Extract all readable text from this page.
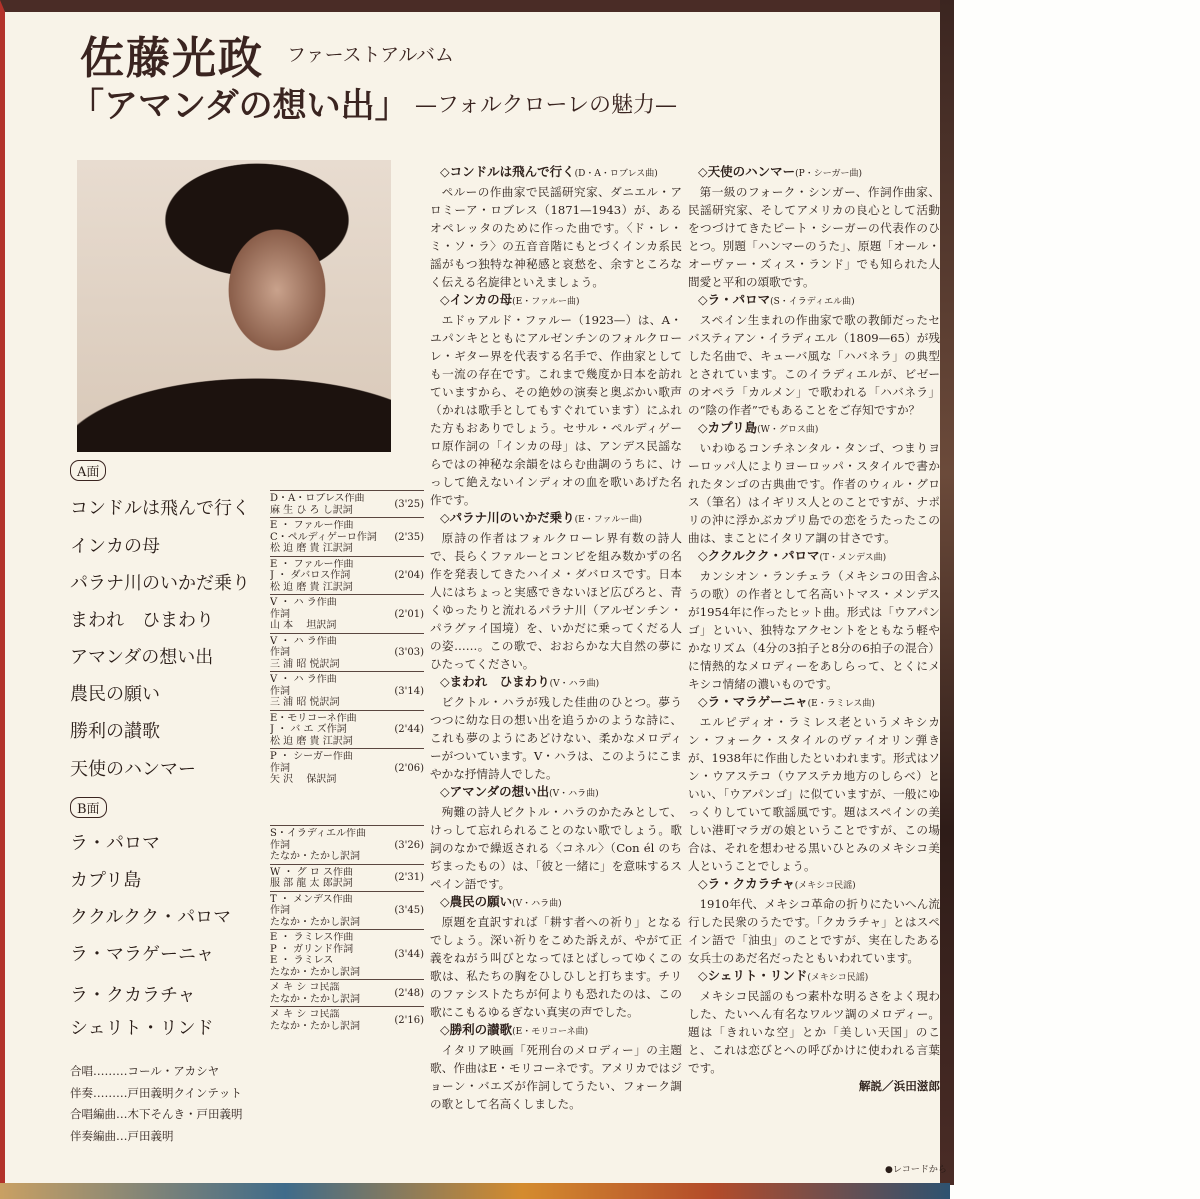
佐藤光政 ファーストアルバム
「アマンダの想い出」 —フォルクローレの魅力—
A面
D・A・ロブレス作曲
麻 生 ひ ろ し訳詞
(3'25)
E ・ ファルー作曲
C・ペルディゲーロ作詞
松 迫 磨 貴 江訳詞
(2'35)
E ・ ファルー作曲
J ・ ダバロス作詞
松 迫 磨 貴 江訳詞
(2'04)
V ・ ハ ラ作曲
作詞
山 本　 坦訳詞
(2'01)
V ・ ハ ラ作曲
作詞
三 浦 昭 悦訳詞
(3'03)
V ・ ハ ラ作曲
作詞
三 浦 昭 悦訳詞
(3'14)
E・モリコーネ作曲
J ・ バ エ ズ作詞
松 迫 磨 貴 江訳詞
(2'44)
P ・ シーガー作曲
作詞
矢 沢　 保訳詞
(2'06)
コンドルは飛んで行く
インカの母
パラナ川のいかだ乗り
まわれ　ひまわり
アマンダの想い出
農民の願い
勝利の讃歌
天使のハンマー
B面
S・イラディエル作曲
作詞
たなか・たかし訳詞
(3'26)
W ・ グ ロ ス作曲
服 部 龍 太 郎訳詞
(2'31)
T ・ メンデス作曲
作詞
たなか・たかし訳詞
(3'45)
E ・ ラミレス作曲
P ・ ガリンド作詞
E ・ ラミレス
たなか・たかし訳詞
(3'44)
メ キ シ コ民謡
たなか・たかし訳詞
(2'48)
メ キ シ コ民謡
たなか・たかし訳詞
(2'16)
ラ・パロマ
カプリ島
ククルクク・パロマ
ラ・マラゲーニャ
ラ・クカラチャ
シェリト・リンド
合唱………コール・アカシヤ
伴奏………戸田義明クインテット
合唱編曲…木下そんき・戸田義明
伴奏編曲…戸田義明
◇コンドルは飛んで行く(D・A・ロブレス曲)

ペルーの作曲家で民謡研究家、ダニエル・アロミーア・ロブレス（1871—1943）が、あるオペレッタのために作った曲です。〈ド・レ・ミ・ソ・ラ〉の五音音階にもとづくインカ系民謡がもつ独特な神秘感と哀愁を、余すところなく伝える名旋律といえましょう。

◇インカの母(E・ファルー曲)

エドゥアルド・ファルー（1923—）は、A・ユパンキとともにアルゼンチンのフォルクローレ・ギター界を代表する名手で、作曲家としても一流の存在です。これまで幾度か日本を訪れていますから、その絶妙の演奏と奥ぶかい歌声（かれは歌手としてもすぐれています）にふれた方もおありでしょう。セサル・ペルディゲーロ原作詞の「インカの母」は、アンデス民謡ならではの神秘な余韻をはらむ曲調のうちに、けっして絶えないインディオの血を歌いあげた名作です。

◇パラナ川のいかだ乗り(E・ファルー曲)

原詩の作者はフォルクローレ界有数の詩人で、長らくファルーとコンビを組み数かずの名作を発表してきたハイメ・ダバロスです。日本人にはちょっと実感できないほど広びろと、青くゆったりと流れるパラナ川（アルゼンチン・パラグァイ国境）を、いかだに乗ってくだる人の姿……。この歌で、おおらかな大自然の夢にひたってください。

◇まわれ　ひまわり(V・ハラ曲)

ビクトル・ハラが残した佳曲のひとつ。夢うつつに幼な日の想い出を追うかのような詩に、これも夢のようにあどけない、柔かなメロディーがついています。V・ハラは、このようにこまやかな抒情詩人でした。

◇アマンダの想い出(V・ハラ曲)

殉難の詩人ビクトル・ハラのかたみとして、けっして忘れられることのない歌でしょう。歌詞のなかで繰返される〈コネル〉（Con él のちぢまったもの）は、「彼と一緒に」を意味するスペイン語です。

◇農民の願い(V・ハラ曲)

原題を直訳すれば「耕す者への祈り」となるでしょう。深い祈りをこめた訴えが、やがて正義をねがう叫びとなってほとばしってゆくこの歌は、私たちの胸をひしひしと打ちます。チリのファシストたちが何よりも恐れたのは、この歌にこもるゆるぎない真実の声でした。

◇勝利の讃歌(E・モリコーネ曲)

イタリア映画「死刑台のメロディー」の主題歌、作曲はE・モリコーネです。アメリカではジョーン・バエズが作詞してうたい、フォーク調の歌として名高くしました。

◇天使のハンマー(P・シーガー曲)

第一級のフォーク・シンガー、作詞作曲家、民謡研究家、そしてアメリカの良心として活動をつづけてきたピート・シーガーの代表作のひとつ。別題「ハンマーのうた」、原題「オール・オーヴァー・ズィス・ランド」でも知られた人間愛と平和の頌歌です。

◇ラ・パロマ(S・イラディエル曲)

スペイン生まれの作曲家で歌の教師だったセバスティアン・イラディエル（1809—65）が残した名曲で、キューバ風な「ハバネラ」の典型とされています。このイラディエルが、ビゼーのオペラ「カルメン」で歌われる「ハバネラ」の“陰の作者”でもあることをご存知ですか？

◇カプリ島(W・グロス曲)

いわゆるコンチネンタル・タンゴ、つまりヨーロッパ人によりヨーロッパ・スタイルで書かれたタンゴの古典曲です。作者のウィル・グロス（筆名）はイギリス人とのことですが、ナポリの沖に浮かぶカプリ島での恋をうたったこの曲は、まことにイタリア調の甘さです。

◇ククルクク・パロマ(T・メンデス曲)

カンシオン・ランチェラ（メキシコの田舎ふうの歌）の作者として名高いトマス・メンデスが1954年に作ったヒット曲。形式は「ウアパンゴ」といい、独特なアクセントをともなう軽やかなリズム（4分の3拍子と8分の6拍子の混合）に情熱的なメロディーをあしらって、とくにメキシコ情緒の濃いものです。

◇ラ・マラゲーニャ(E・ラミレス曲)

エルピディオ・ラミレス老というメキシカン・フォーク・スタイルのヴァイオリン弾きが、1938年に作曲したといわれます。形式はソン・ウアステコ（ウアステカ地方のしらべ）といい、「ウアパンゴ」に似ていますが、一般にゆっくりしていて歌謡風です。題はスペインの美しい港町マラガの娘ということですが、この場合は、それを想わせる黒いひとみのメキシコ美人ということでしょう。

◇ラ・クカラチャ(メキシコ民謡)

1910年代、メキシコ革命の折りにたいへん流行した民衆のうたです。「クカラチャ」とはスペイン語で「油虫」のことですが、実在したある女兵士のあだ名だったともいわれています。

◇シェリト・リンド(メキシコ民謡)

メキシコ民謡のもつ素朴な明るさをよく現わした、たいへん有名なワルツ調のメロディー。題は「きれいな空」とか「美しい天国」のこと、これは恋びとへの呼びかけに使われる言葉です。

解説／浜田滋郎
●レコードから
